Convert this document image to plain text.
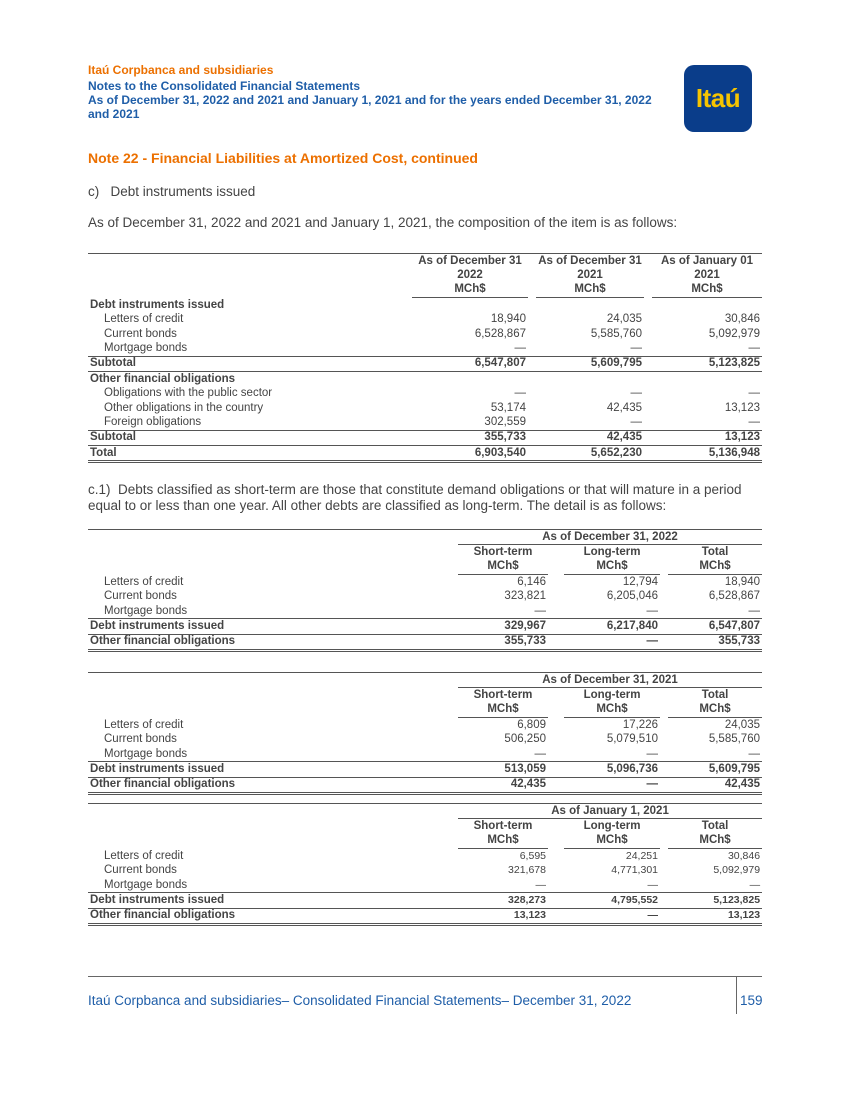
Itaú Corpbanca and subsidiaries
Notes to the Consolidated Financial Statements
As of December 31, 2022 and 2021 and January 1, 2021 and for the years ended December 31, 2022
and 2021
Itaú
Note 22 - Financial Liabilities at Amortized Cost, continued
c)   Debt instruments issued
As of December 31, 2022 and 2021 and January 1, 2021, the composition of the item is as follows:
	As of December 31		As of December 31		As of January 01
	2022		2021		2021
	MCh$		MCh$		MCh$
Debt instruments issued					
Letters of credit	18,940		24,035		30,846
Current bonds	6,528,867		5,585,760		5,092,979
Mortgage bonds	—		—		—
Subtotal	6,547,807		5,609,795		5,123,825
Other financial obligations					
Obligations with the public sector	—		—		—
Other obligations in the country	53,174		42,435		13,123
Foreign obligations	302,559		—		—
Subtotal	355,733		42,435		13,123
Total	6,903,540		5,652,230		5,136,948
c.1)  Debts classified as short-term are those that constitute demand obligations or that will mature in a period equal to or less than one year. All other debts are classified as long-term. The detail is as follows:
	As of December 31, 2022				
	Short-term		Long-term		Total
	MCh$		MCh$		MCh$
Letters of credit	6,146		12,794		18,940
Current bonds	323,821		6,205,046		6,528,867
Mortgage bonds	—		—		—
Debt instruments issued	329,967		6,217,840		6,547,807
Other financial obligations	355,733		—		355,733
	As of December 31, 2021				
	Short-term		Long-term		Total
	MCh$		MCh$		MCh$
Letters of credit	6,809		17,226		24,035
Current bonds	506,250		5,079,510		5,585,760
Mortgage bonds	—		—		—
Debt instruments issued	513,059		5,096,736		5,609,795
Other financial obligations	42,435		—		42,435
	As of January 1, 2021				
	Short-term		Long-term		Total
	MCh$		MCh$		MCh$
Letters of credit	6,595		24,251		30,846
Current bonds	321,678		4,771,301		5,092,979
Mortgage bonds	—		—		—
Debt instruments issued	328,273		4,795,552		5,123,825
Other financial obligations	13,123		—		13,123
Itaú Corpbanca and subsidiaries– Consolidated Financial Statements– December 31, 2022	159
